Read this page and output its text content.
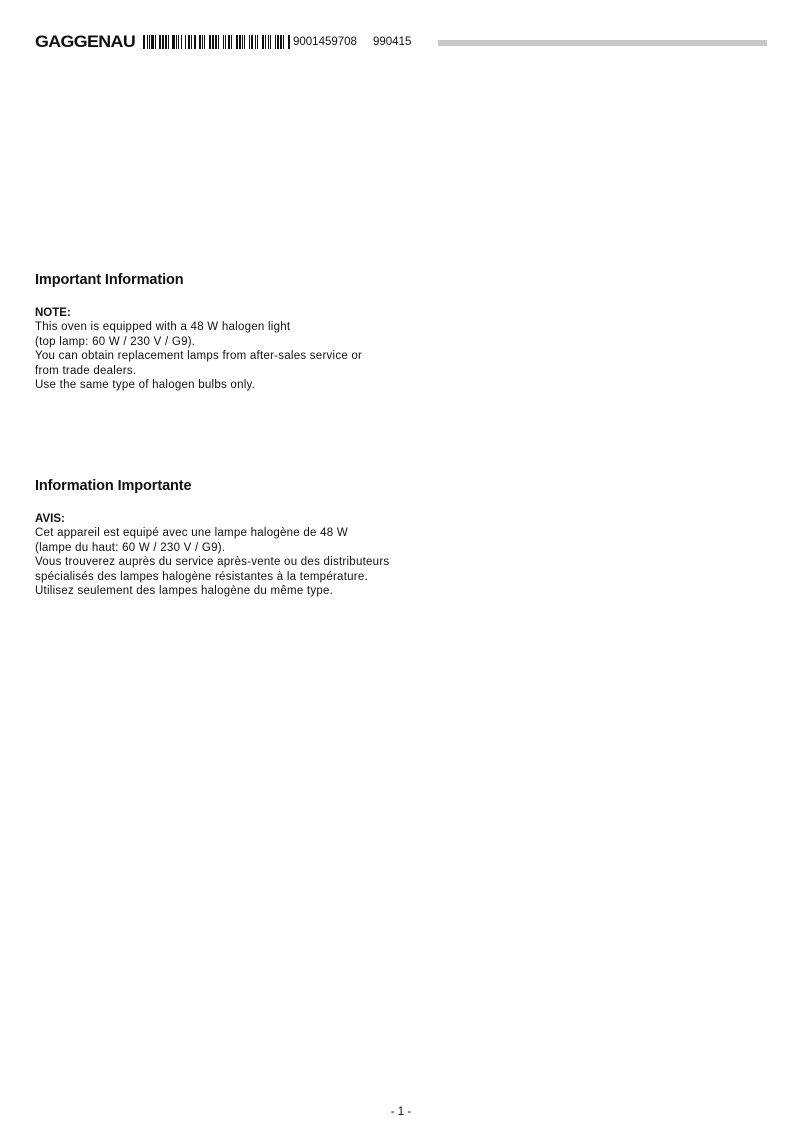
GAGGENAU	9001459708 990415
Important Information
NOTE:
This oven is equipped with a 48 W halogen light
(top lamp: 60 W / 230 V / G9).
You can obtain replacement lamps from after-sales service or
from trade dealers.
Use the same type of halogen bulbs only.
Information Importante
AVIS:
Cet appareil est equipé avec une lampe halogène de 48 W
(lampe du haut: 60 W / 230 V / G9).
Vous trouverez auprès du service après-vente ou des distributeurs
spécialisés des lampes halogène résistantes à la température.
Utilisez seulement des lampes halogène du même type.
- 1 -
